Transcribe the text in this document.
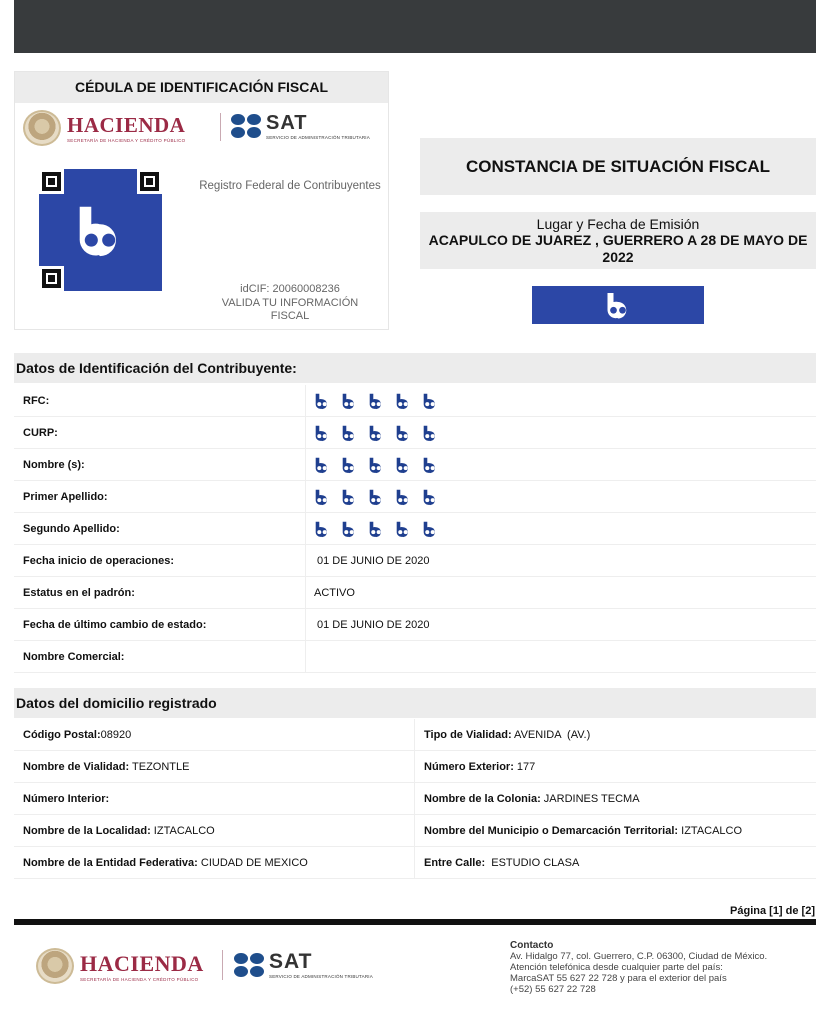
CÉDULA DE IDENTIFICACIÓN FISCAL
HACIENDA
SECRETARÍA DE HACIENDA Y CRÉDITO PÚBLICO
SAT
SERVICIO DE ADMINISTRACIÓN TRIBUTARIA
Registro Federal de Contribuyentes
idCIF: 20060008236
VALIDA TU INFORMACIÓN
FISCAL
CONSTANCIA DE SITUACIÓN FISCAL
Lugar y Fecha de Emisión
ACAPULCO DE JUAREZ , GUERRERO A 28 DE MAYO DE 2022
Datos de Identificación del Contribuyente:
RFC:
CURP:
Nombre (s):
Primer Apellido:
Segundo Apellido:
Fecha inicio de operaciones:	01 DE JUNIO DE 2020
Estatus en el padrón:	ACTIVO
Fecha de último cambio de estado:	01 DE JUNIO DE 2020
Nombre Comercial:
Datos del domicilio registrado
Código Postal:08920	Tipo de Vialidad: AVENIDA  (AV.)
Nombre de Vialidad: TEZONTLE	Número Exterior: 177
Número Interior:	Nombre de la Colonia: JARDINES TECMA
Nombre de la Localidad: IZTACALCO	Nombre del Municipio o Demarcación Territorial: IZTACALCO
Nombre de la Entidad Federativa: CIUDAD DE MEXICO	Entre Calle:  ESTUDIO CLASA
Página [1] de [2]
HACIENDA
SECRETARÍA DE HACIENDA Y CRÉDITO PÚBLICO
SAT
SERVICIO DE ADMINISTRACIÓN TRIBUTARIA
Contacto
Av. Hidalgo 77, col. Guerrero, C.P. 06300, Ciudad de México.
Atención telefónica desde cualquier parte del país:
MarcaSAT 55 627 22 728 y para el exterior del país
(+52) 55 627 22 728
